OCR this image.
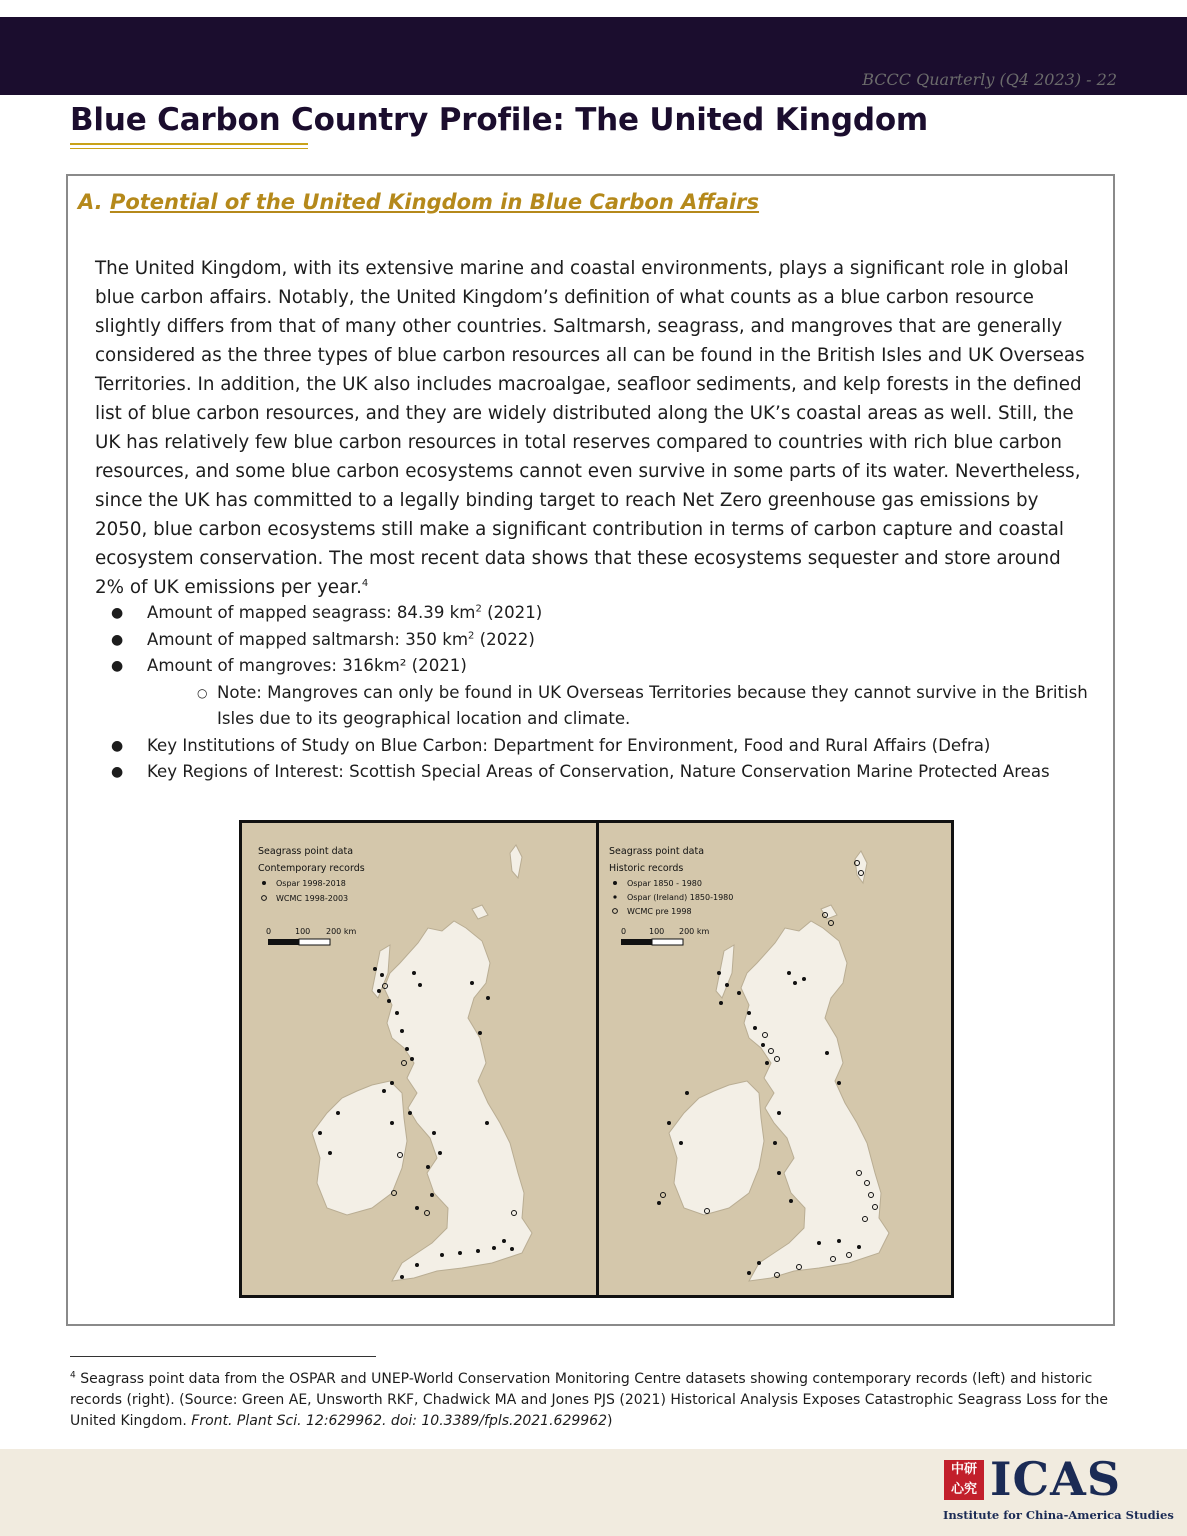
BCCC Quarterly (Q4 2023) - 22
Blue Carbon Country Profile: The United Kingdom
A. Potential of the United Kingdom in Blue Carbon Affairs

The United Kingdom, with its extensive marine and coastal environments, plays a significant role in global blue carbon affairs. Notably, the United Kingdom’s definition of what counts as a blue carbon resource slightly differs from that of many other countries. Saltmarsh, seagrass, and mangroves that are generally considered as the three types of blue carbon resources all can be found in the British Isles and UK Overseas Territories. In addition, the UK also includes macroalgae, seafloor sediments, and kelp forests in the defined list of blue carbon resources, and they are widely distributed along the UK’s coastal areas as well. Still, the UK has relatively few blue carbon resources in total reserves compared to countries with rich blue carbon resources, and some blue carbon ecosystems cannot even survive in some parts of its water. Nevertheless, since the UK has committed to a legally binding target to reach Net Zero greenhouse gas emissions by 2050, blue carbon ecosystems still make a significant contribution in terms of carbon capture and coastal ecosystem conservation. The most recent data shows that these ecosystems sequester and store around 2% of UK emissions per year.$^4$

● Amount of mapped seagrass: 84.39 $km^2$ (2021)
● Amount of mapped saltmarsh: 350 $km^2$ (2022)
● Amount of mangroves: 316km² (2021)
○ Note: Mangroves can only be found in UK Overseas Territories because they cannot survive in the British Isles due to its geographical location and climate.
● Key Institutions of Study on Blue Carbon: Department for Environment, Food and Rural Affairs (Defra)
● Key Regions of Interest: Scottish Special Areas of Conservation, Nature Conservation Marine Protected Areas
Seagrass point data
Contemporary records
Ospar 1998-2018
WCMC 1998-2003
0	100 200 km
Seagrass point data
Historic records
Ospar 1850 - 1980
Ospar (Ireland) 1850-1980
WCMC pre 1998
0	100 200 km

$^4$ Seagrass point data from the OSPAR and UNEP-World Conservation Monitoring Centre datasets showing contemporary records (left) and historic records (right). (Source: Green AE, Unsworth RKF, Chadwick MA and Jones PJS (2021) Historical Analysis Exposes Catastrophic Seagrass Loss for the United Kingdom. Front. Plant Sci. 12:629962. doi: 10.3389/fpls.2021.629962)

中研
心究 ICAS
Institute for China-America Studies
